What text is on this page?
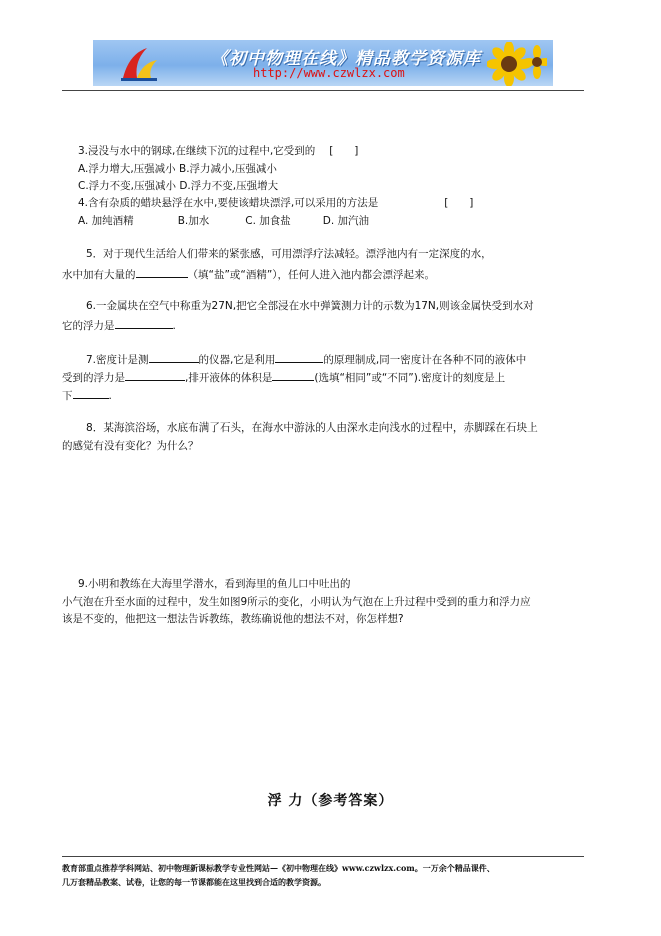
《初中物理在线》精品教学资源库
http://www.czwlzx.com
3.浸没与水中的钢球,在继续下沉的过程中,它受到的 [　　]
A.浮力增大,压强减小 B.浮力减小,压强减小
C.浮力不变,压强减小 D.浮力不变,压强增大
4.含有杂质的蜡块悬浮在水中,要使该蜡块漂浮,可以采用的方法是	[　　]
A. 加纯酒精	B.加水	C. 加食盐	D. 加汽油
5．对于现代生活给人们带来的紧张感，可用漂浮疗法减轻。漂浮池内有一定深度的水，
水中加有大量的	（填“盐”或“酒精”），任何人进入池内都会漂浮起来。
6.一金属块在空气中称重为27N,把它全部浸在水中弹簧测力计的示数为17N,则该金属快受到水对
它的浮力是	.
7.密度计是测	的仪器,它是利用	的原理制成,同一密度计在各种不同的液体中
受到的浮力是	,排开液体的体积是	(选填“相同”或“不同”).密度计的刻度是上
下	.
8．某海滨浴场，水底布满了石头，在海水中游泳的人由深水走向浅水的过程中，赤脚踩在石块上
的感觉有没有变化？为什么？
9.小明和教练在大海里学潜水，看到海里的鱼儿口中吐出的
小气泡在升至水面的过程中，发生如图9所示的变化，小明认为气泡在上升过程中受到的重力和浮力应
该是不变的，他把这一想法告诉教练，教练确说他的想法不对，你怎样想?
浮 力（参考答案）
教育部重点推荐学科网站、初中物理新课标教学专业性网站—《初中物理在线》www.czwlzx.com。一万余个精品课件、
几万套精品教案、试卷，让您的每一节课都能在这里找到合适的教学资源。
